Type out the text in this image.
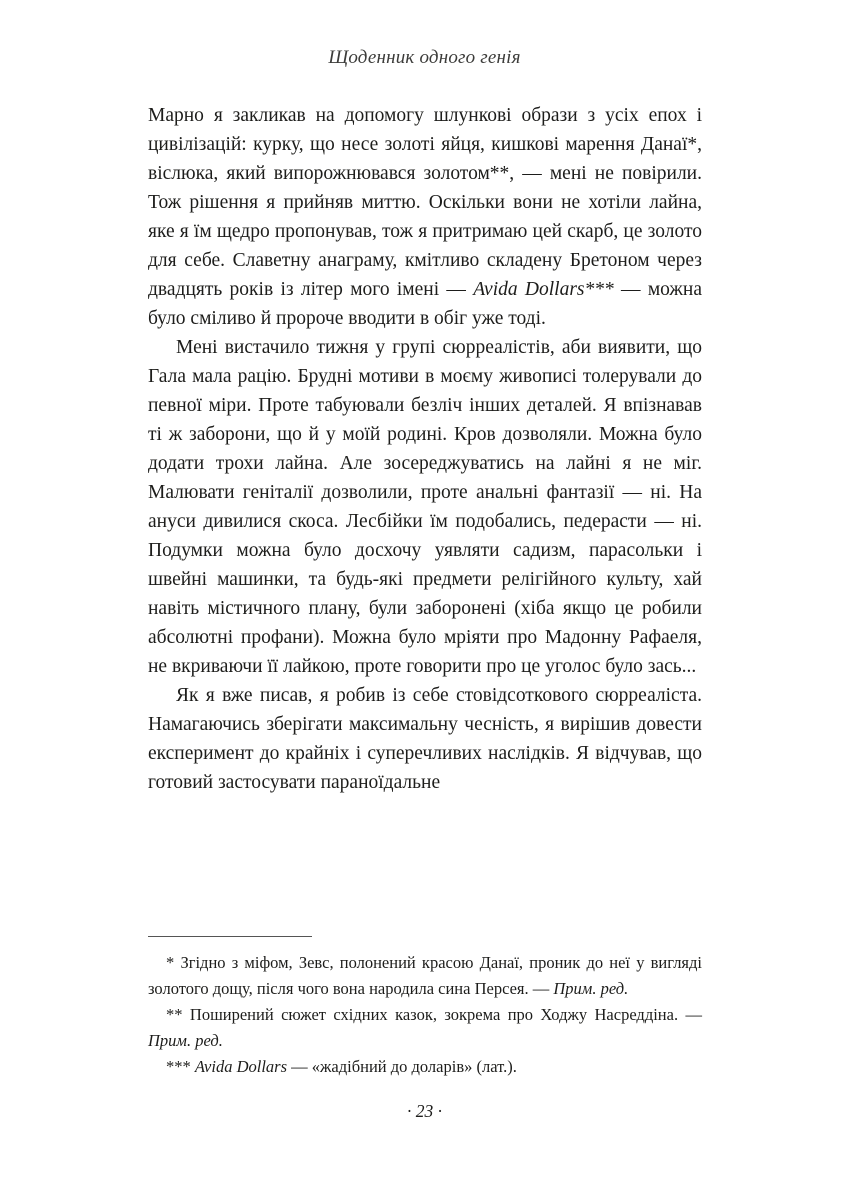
Щоденник одного генія

Марно я закликав на допомогу шлункові образи з усіх епох і цивілізацій: курку, що несе золоті яйця, кишкові марення Данаї*, віслюка, який випорожнювався золотом**, — мені не повірили. Тож рішення я прийняв миттю. Оскільки вони не хотіли лайна, яке я їм щедро пропонував, тож я притримаю цей скарб, це золото для себе. Славетну анаграму, кмітливо складену Бретоном через двадцять років із літер мого імені — Avida Dollars*** — можна було сміливо й пророче вводити в обіг уже тоді.

Мені вистачило тижня у групі сюрреалістів, аби виявити, що Гала мала рацію. Брудні мотиви в моєму живописі толерували до певної міри. Проте табуювали безліч інших деталей. Я впізнавав ті ж заборони, що й у моїй родині. Кров дозволяли. Можна було додати трохи лайна. Але зосереджуватись на лайні я не міг. Малювати геніталії дозволили, проте анальні фантазії — ні. На ануси дивилися скоса. Лесбійки їм подобались, педерасти — ні. Подумки можна було досхочу уявляти садизм, парасольки і швейні машинки, та будь-які предмети релігійного культу, хай навіть містичного плану, були заборонені (хіба якщо це робили абсолютні профани). Можна було мріяти про Мадонну Рафаеля, не вкриваючи її лайкою, проте говорити про це уголос було зась...

Як я вже писав, я робив із себе стовідсоткового сюрреаліста. Намагаючись зберігати максимальну чесність, я вирішив довести експеримент до крайніх і суперечливих наслідків. Я відчував, що готовий застосувати параноїдальне

* Згідно з міфом, Зевс, полонений красою Данаї, проник до неї у вигляді золотого дощу, після чого вона народила сина Персея. — Прим. ред.

** Поширений сюжет східних казок, зокрема про Ходжу Насреддіна. — Прим. ред.

*** Avida Dollars — «жадібний до доларів» (лат.).

· 23 ·
